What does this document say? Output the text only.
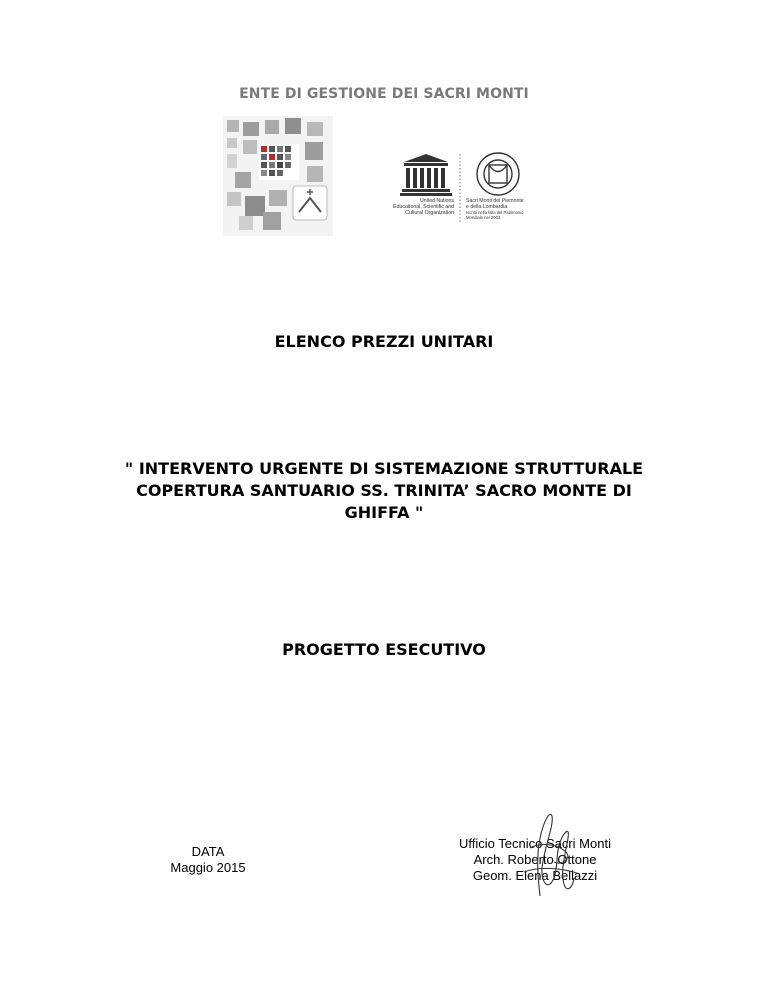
ENTE DI GESTIONE DEI SACRI MONTI
United Nations
Educational, Scientific and
Cultural Organization
Sacri Monti del Piemonte
e della Lombardia
Iscritti nella lista del Patrimonio
Mondiale nel 2003
ELENCO PREZZI UNITARI
" INTERVENTO URGENTE DI SISTEMAZIONE STRUTTURALE
COPERTURA SANTUARIO SS. TRINITA’ SACRO MONTE DI
GHIFFA "
PROGETTO ESECUTIVO
DATA
Maggio 2015
Ufficio Tecnico Sacri Monti
Arch. Roberto Ottone
Geom. Elena Bellazzi
